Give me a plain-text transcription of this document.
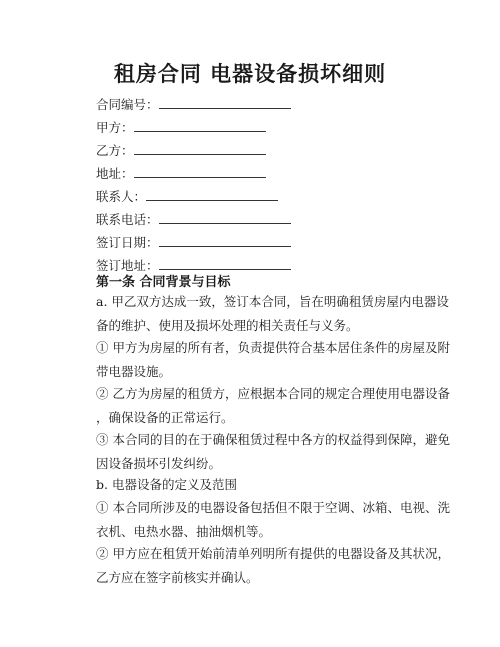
租房合同 电器设备损坏细则
合同编号：
甲方：
乙方：
地址：
联系人：
联系电话：
签订日期：
签订地址：
第一条 合同背景与目标
a. 甲乙双方达成一致，签订本合同，旨在明确租赁房屋内电器设
备的维护、使用及损坏处理的相关责任与义务。
① 甲方为房屋的所有者，负责提供符合基本居住条件的房屋及附
带电器设施。
② 乙方为房屋的租赁方，应根据本合同的规定合理使用电器设备
，确保设备的正常运行。
③ 本合同的目的在于确保租赁过程中各方的权益得到保障，避免
因设备损坏引发纠纷。
b. 电器设备的定义及范围
① 本合同所涉及的电器设备包括但不限于空调、冰箱、电视、洗
衣机、电热水器、抽油烟机等。
② 甲方应在租赁开始前清单列明所有提供的电器设备及其状况，
乙方应在签字前核实并确认。
